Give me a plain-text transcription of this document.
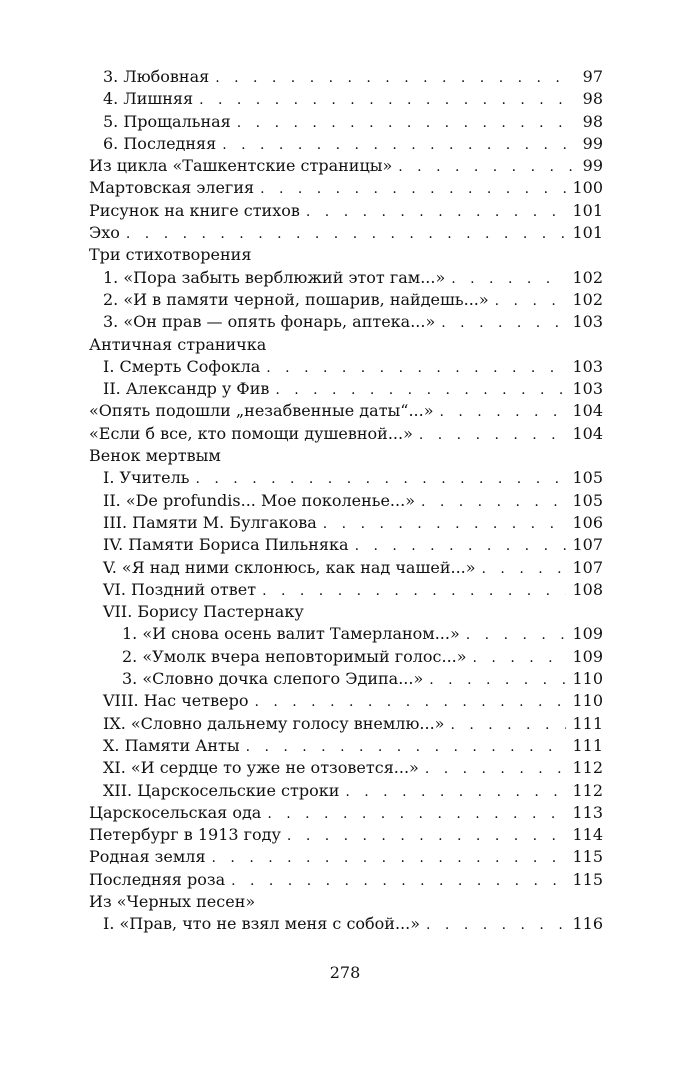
3. Любовная . . .	97
4. Лишняя . . .	98
5. Прощальная . . .	98
6. Последняя . . .	99
Из цикла «Ташкентские страницы» . . .	99
Мартовская элегия . . .	100
Рисунок на книге стихов . . .	101
Эхо . . .	101
Три стихотворения
1. «Пора забыть верблюжий этот гам...» . . .	102
2. «И в памяти черной, пошарив, найдешь...» . . .	102
3. «Он прав — опять фонарь, аптека...» . . .	103
Античная страничка
I. Смерть Софокла . . .	103
II. Александр у Фив . . .	103
«Опять подошли „незабвенные даты“...» . . .	104
«Если б все, кто помощи душевной...» . . .	104
Венок мертвым
I. Учитель . . .	105
II. «De profundis... Мое поколенье...» . . .	105
III. Памяти М. Булгакова . . .	106
IV. Памяти Бориса Пильняка . . .	107
V. «Я над ними склонюсь, как над чашей...» . . .	107
VI. Поздний ответ . . .	108
VII. Борису Пастернаку
1. «И снова осень валит Тамерланом...» . . .	109
2. «Умолк вчера неповторимый голос...» . . .	109
3. «Словно дочка слепого Эдипа...» . . .	110
VIII. Нас четверо . . .	110
IX. «Словно дальнему голосу внемлю...» . . .	111
X. Памяти Анты . . .	111
XI. «И сердце то уже не отзовется...» . . .	112
XII. Царскосельские строки . . .	112
Царскосельская ода . . .	113
Петербург в 1913 году . . .	114
Родная земля . . .	115
Последняя роза . . .	115
Из «Черных песен»
I. «Прав, что не взял меня с собой...» . . .	116
278
